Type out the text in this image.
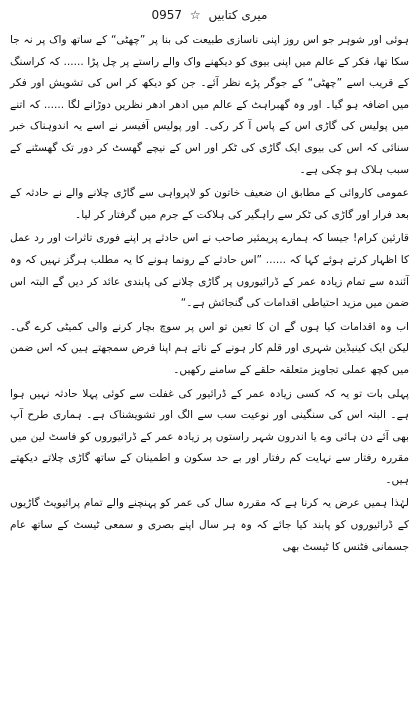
میری کتابیں ☆ 0957

ہوئی اور شوہر جو اس روز اپنی ناسازی طبیعت کی بنا پر ”چھٹی“ کے ساتھ واک پر نہ جا سکا تھا، فکر کے عالم میں اپنی بیوی کو دیکھنے واک والے راستے پر چل پڑا ...... کہ کراسنگ کے قریب اسے ”چھٹی“ کے جوگر پڑے نظر آئے۔ جن کو دیکھ کر اس کی تشویش اور فکر میں اضافہ ہو گیا۔ اور وہ گھبراہٹ کے عالم میں ادھر ادھر نظریں دوڑانے لگا ...... کہ اتنے میں پولیس کی گاڑی اس کے پاس آ کر رکی۔ اور پولیس آفیسر نے اسے یہ اندوہناک خبر سنائی کہ اس کی بیوی ایک گاڑی کی ٹکر اور اس کے نیچے گھسٹ کر دور تک گھسٹنے کے سبب ہلاک ہو چکی ہے۔

عمومی کاروائی کے مطابق ان ضعیف خاتون کو لاپرواہی سے گاڑی چلانے والے نے حادثہ کے بعد فرار اور گاڑی کی ٹکر سے راہگیر کی ہلاکت کے جرم میں گرفتار کر لیا۔

قارئین کرام! جیسا کہ ہمارے پریمئیر صاحب نے اس حادثے پر اپنے فوری تاثرات اور رد عمل کا اظہار کرتے ہوئے کہا کہ ...... ”اس حادثے کے رونما ہونے کا یہ مطلب ہرگز نہیں کہ وہ آئندہ سے تمام زیادہ عمر کے ڈرائیوروں پر گاڑی چلانے کی پابندی عائد کر دیں گے البتہ اس ضمن میں مزید احتیاطی اقدامات کی گنجائش ہے۔“

اب وہ اقدامات کیا ہوں گے ان کا تعین تو اس پر سوچ بچار کرنے والی کمیٹی کرے گی۔ لیکن ایک کینیڈین شہری اور قلم کار ہونے کے ناتے ہم اپنا فرض سمجھتے ہیں کہ اس ضمن میں کچھ عملی تجاویز متعلقہ حلقے کے سامنے رکھیں۔

پہلی بات تو یہ کہ کسی زیادہ عمر کے ڈرائیور کی غفلت سے کوئی پہلا حادثہ نہیں ہوا ہے۔ البتہ اس کی سنگینی اور نوعیت سب سے الگ اور تشویشناک ہے۔ ہماری طرح آپ بھی آئے دن ہائی وے یا اندرون شہر راستوں پر زیادہ عمر کے ڈرائیوروں کو فاسٹ لین میں مقررہ رفتار سے نہایت کم رفتار اور بے حد سکون و اطمینان کے ساتھ گاڑی چلاتے دیکھتے ہیں۔

لہٰذا ہمیں عرض یہ کرنا ہے کہ مقررہ سال کی عمر کو پہنچنے والے تمام پرائیویٹ گاڑیوں کے ڈرائیوروں کو پابند کیا جائے کہ وہ ہر سال اپنے بصری و سمعی ٹیسٹ کے ساتھ عام جسمانی فٹنس کا ٹیسٹ بھی
